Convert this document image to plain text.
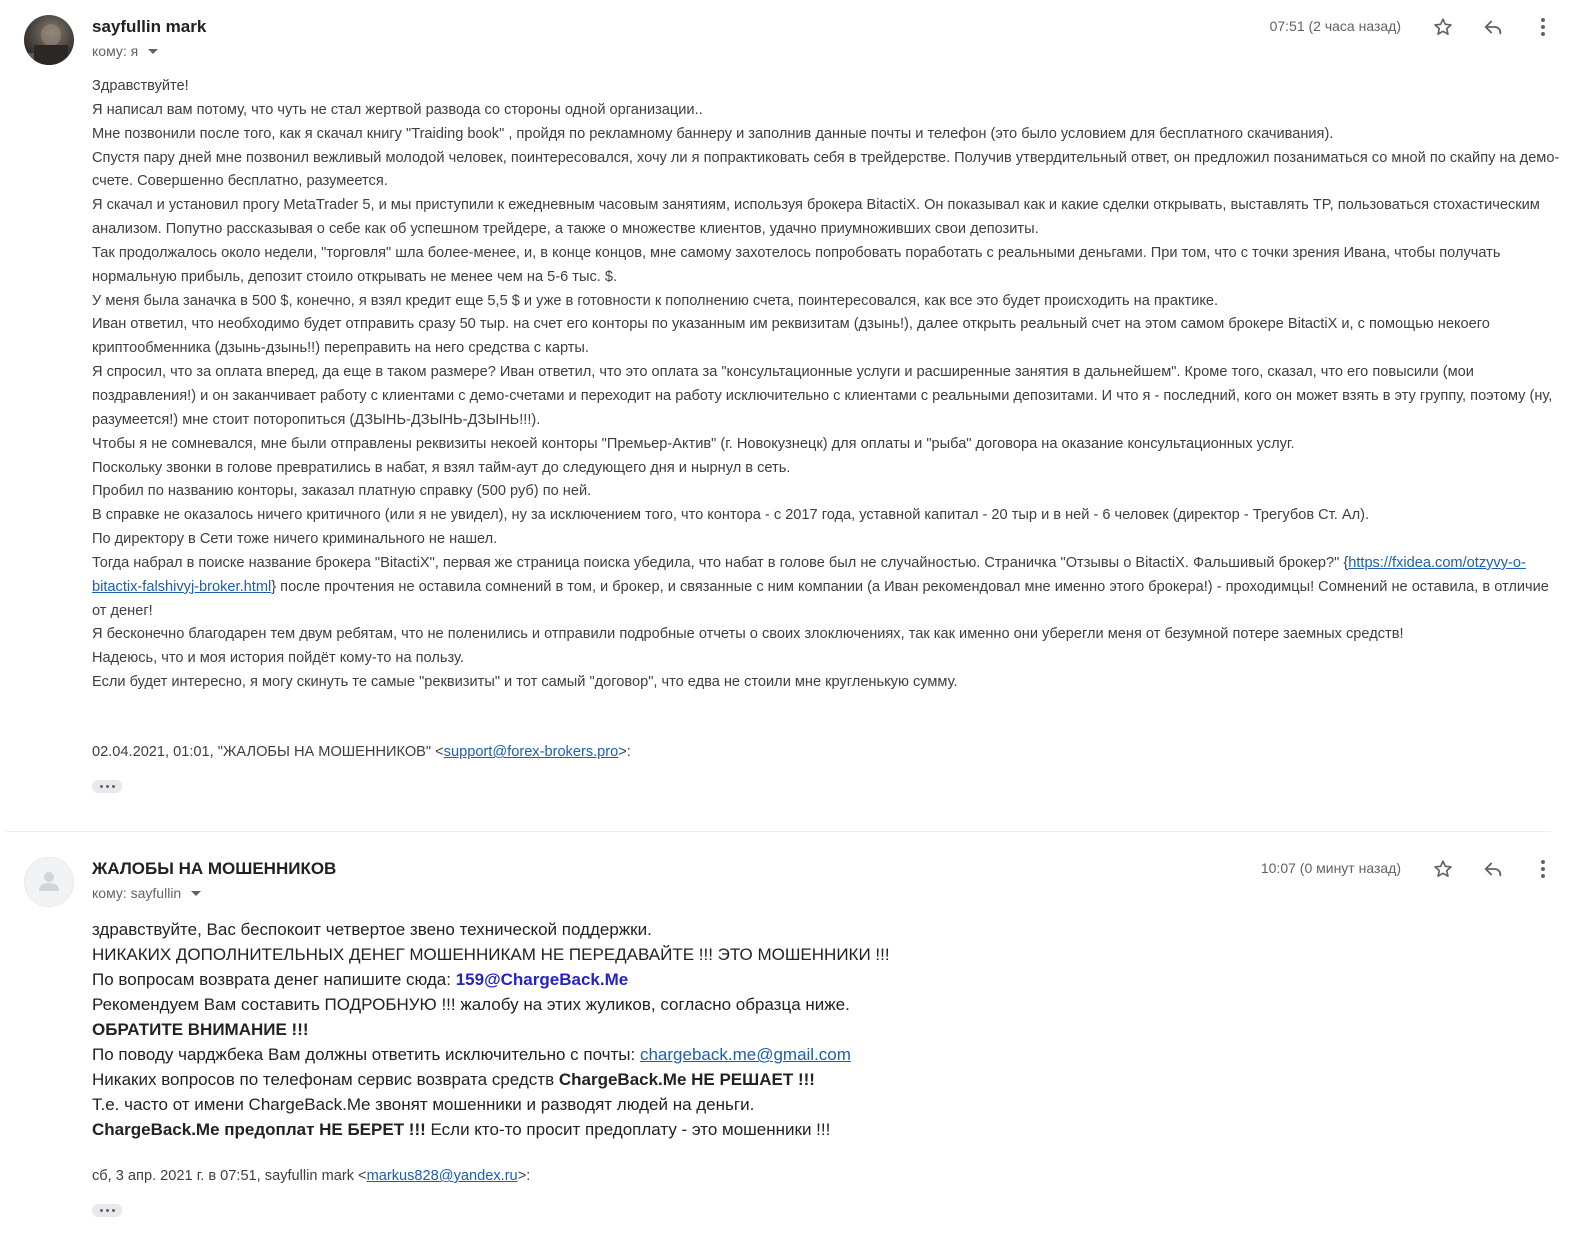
sayfullin mark
кому: я
07:51 (2 часа назад)

Здравствуйте!

Я написал вам потому, что чуть не стал жертвой развода со стороны одной организации..

Мне позвонили после того, как я скачал книгу "Traiding book" , пройдя по рекламному баннеру и заполнив данные почты и телефон (это было условием для бесплатного скачивания).

Спустя пару дней мне позвонил вежливый молодой человек, поинтересовался, хочу ли я попрактиковать себя в трейдерстве. Получив утвердительный ответ, он предложил позаниматься со мной по скайпу на демо-счете. Совершенно бесплатно, разумеется.

Я скачал и установил прогу MetaTrader 5, и мы приступили к ежедневным часовым занятиям, используя брокера BitactiX. Он показывал как и какие сделки открывать, выставлять TP, пользоваться стохастическим анализом. Попутно рассказывая о себе как об успешном трейдере, а также о множестве клиентов, удачно приумноживших свои депозиты.

Так продолжалось около недели, "торговля" шла более-менее, и, в конце концов, мне самому захотелось попробовать поработать с реальными деньгами. При том, что с точки зрения Ивана, чтобы получать нормальную прибыль, депозит стоило открывать не менее чем на 5-6 тыс. $.

У меня была заначка в 500 $, конечно, я взял кредит еще 5,5 $ и уже в готовности к пополнению счета, поинтересовался, как все это будет происходить на практике.

Иван ответил, что необходимо будет отправить сразу 50 тыр. на счет его конторы по указанным им реквизитам (дзынь!), далее открыть реальный счет на этом самом брокере BitactiX и, с помощью некоего криптообменника (дзынь-дзынь!!) переправить на него средства с карты.

Я спросил, что за оплата вперед, да еще в таком размере? Иван ответил, что это оплата за "консультационные услуги и расширенные занятия в дальнейшем". Кроме того, сказал, что его повысили (мои поздравления!) и он заканчивает работу с клиентами с демо-счетами и переходит на работу исключительно с клиентами с реальными депозитами. И что я - последний, кого он может взять в эту группу, поэтому (ну, разумеется!) мне стоит поторопиться (ДЗЫНЬ-ДЗЫНЬ-ДЗЫНЬ!!!).

Чтобы я не сомневался, мне были отправлены реквизиты некоей конторы "Премьер-Актив" (г. Новокузнецк) для оплаты и "рыба" договора на оказание консультационных услуг.

Поскольку звонки в голове превратились в набат, я взял тайм-аут до следующего дня и нырнул в сеть.

Пробил по названию конторы, заказал платную справку (500 руб) по ней.

В справке не оказалось ничего критичного (или я не увидел), ну за исключением того, что контора - с 2017 года, уставной капитал - 20 тыр и в ней - 6 человек (директор - Трегубов Ст. Ал).

По директору в Сети тоже ничего криминального не нашел.

Тогда набрал в поиске название брокера "BitactiX", первая же страница поиска убедила, что набат в голове был не случайностью. Страничка "Отзывы о BitactiX. Фальшивый брокер?" {https://fxidea.com/otzyvy-o-bitactix-falshivyj-broker.html} после прочтения не оставила сомнений в том, и брокер, и связанные с ним компании (а Иван рекомендовал мне именно этого брокера!) - проходимцы! Сомнений не оставила, в отличие от денег!

Я бесконечно благодарен тем двум ребятам, что не поленились и отправили подробные отчеты о своих злоключениях, так как именно они уберегли меня от безумной потере заемных средств!

Надеюсь, что и моя история пойдёт кому-то на пользу.

Если будет интересно, я могу скинуть те самые "реквизиты" и тот самый "договор", что едва не стоили мне кругленькую сумму.

02.04.2021, 01:01, "ЖАЛОБЫ НА МОШЕННИКОВ" <support@forex-brokers.pro>:
ЖАЛОБЫ НА МОШЕННИКОВ
кому: sayfullin
10:07 (0 минут назад)

здравствуйте, Вас беспокоит четвертое звено технической поддержки.

НИКАКИХ ДОПОЛНИТЕЛЬНЫХ ДЕНЕГ МОШЕННИКАМ НЕ ПЕРЕДАВАЙТЕ !!! ЭТО МОШЕННИКИ !!!

По вопросам возврата денег напишите сюда: 159@ChargeBack.Me

Рекомендуем Вам составить ПОДРОБНУЮ !!! жалобу на этих жуликов, согласно образца ниже.

ОБРАТИТЕ ВНИМАНИЕ !!!

По поводу чарджбека Вам должны ответить исключительно с почты: chargeback.me@gmail.com

Никаких вопросов по телефонам сервис возврата средств ChargeBack.Me НЕ РЕШАЕТ !!!

Т.е. часто от имени ChargeBack.Me звонят мошенники и разводят людей на деньги.

ChargeBack.Me предоплат НЕ БЕРЕТ !!! Если кто-то просит предоплату - это мошенники !!!

сб, 3 апр. 2021 г. в 07:51, sayfullin mark <markus828@yandex.ru>:
